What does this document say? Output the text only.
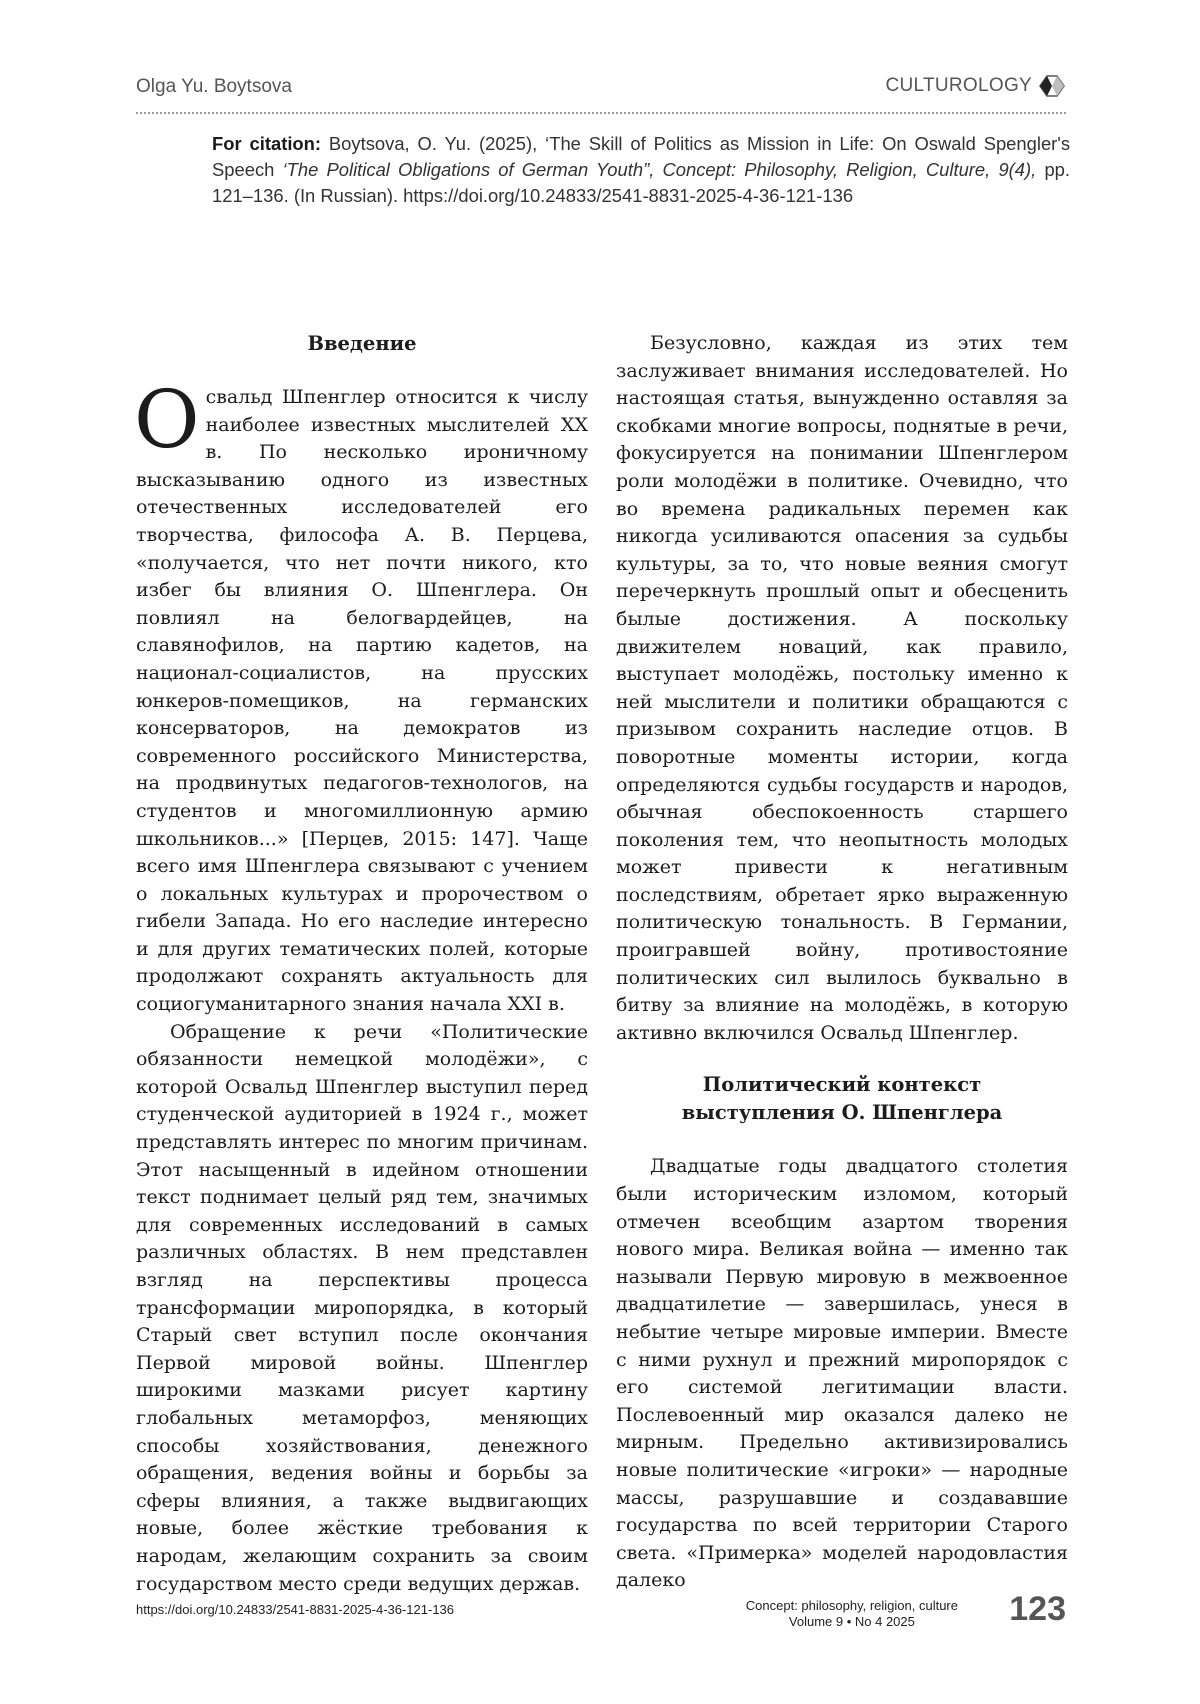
Olga Yu. Boytsova	CULTUROLOGY
For citation: Boytsova, O. Yu. (2025), ‘The Skill of Politics as Mission in Life: On Oswald Spengler's Speech ‘The Political Obligations of German Youth”, Concept: Philosophy, Religion, Culture, 9(4), pp. 121–136. (In Russian). https://doi.org/10.24833/2541-8831-2025-4-36-121-136
Введение

Освальд Шпенглер относится к числу наиболее известных мыслителей XX в. По несколько ироничному высказыванию одного из известных отечественных исследователей его творчества, философа А. В. Перцева, «получается, что нет почти никого, кто избег бы влияния О. Шпенглера. Он повлиял на белогвардейцев, на славянофилов, на партию кадетов, на национал-социалистов, на прусских юнкеров-помещиков, на германских консерваторов, на демократов из современного российского Министерства, на продвинутых педагогов-технологов, на студентов и многомиллионную армию школьников...» [Перцев, 2015: 147]. Чаще всего имя Шпенглера связывают с учением о локальных культурах и пророчеством о гибели Запада. Но его наследие интересно и для других тематических полей, которые продолжают сохранять актуальность для социогуманитарного знания начала XXI в.

Обращение к речи «Политические обязанности немецкой молодёжи», с которой Освальд Шпенглер выступил перед студенческой аудиторией в 1924 г., может представлять интерес по многим причинам. Этот насыщенный в идейном отношении текст поднимает целый ряд тем, значимых для современных исследований в самых различных областях. В нем представлен взгляд на перспективы процесса трансформации миропорядка, в который Старый свет вступил после окончания Первой мировой войны. Шпенглер широкими мазками рисует картину глобальных метаморфоз, меняющих способы хозяйствования, денежного обращения, ведения войны и борьбы за сферы влияния, а также выдвигающих новые, более жёсткие требования к народам, желающим сохранить за своим государством место среди ведущих держав.

Безусловно, каждая из этих тем заслуживает внимания исследователей. Но настоящая статья, вынужденно оставляя за скобками многие вопросы, поднятые в речи, фокусируется на понимании Шпенглером роли молодёжи в политике. Очевидно, что во времена радикальных перемен как никогда усиливаются опасения за судьбы культуры, за то, что новые веяния смогут перечеркнуть прошлый опыт и обесценить былые достижения. А поскольку движителем новаций, как правило, выступает молодёжь, постольку именно к ней мыслители и политики обращаются с призывом сохранить наследие отцов. В поворотные моменты истории, когда определяются судьбы государств и народов, обычная обеспокоенность старшего поколения тем, что неопытность молодых может привести к негативным последствиям, обретает ярко выраженную политическую тональность. В Германии, проигравшей войну, противостояние политических сил вылилось буквально в битву за влияние на молодёжь, в которую активно включился Освальд Шпенглер.

Политический контекст
выступления О. Шпенглера

Двадцатые годы двадцатого столетия были историческим изломом, который отмечен всеобщим азартом творения нового мира. Великая война — именно так называли Первую мировую в межвоенное двадцатилетие — завершилась, унеся в небытие четыре мировые империи. Вместе с ними рухнул и прежний миропорядок с его системой легитимации власти. Послевоенный мир оказался далеко не мирным. Предельно активизировались новые политические «игроки» — народные массы, разрушавшие и создававшие государства по всей территории Старого света. «Примерка» моделей народовластия далеко

https://doi.org/10.24833/2541-8831-2025-4-36-121-136	Concept: philosophy, religion, culture
Volume 9 • No 4 2025	123
